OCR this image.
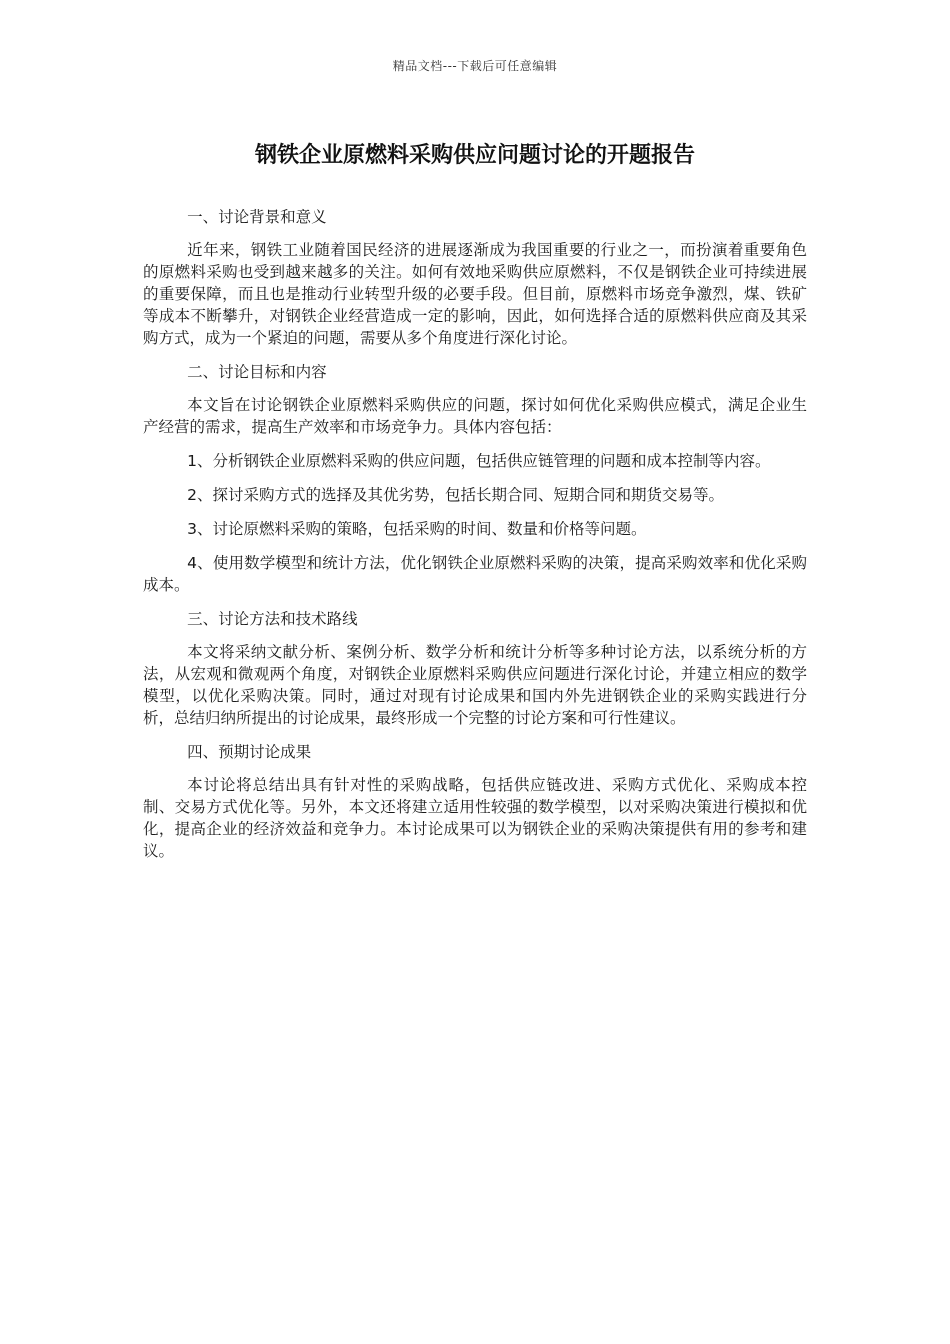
精品文档---下载后可任意编辑
钢铁企业原燃料采购供应问题讨论的开题报告

一、讨论背景和意义

近年来，钢铁工业随着国民经济的进展逐渐成为我国重要的行业之一，而扮演着重要角色的原燃料采购也受到越来越多的关注。如何有效地采购供应原燃料，不仅是钢铁企业可持续进展的重要保障，而且也是推动行业转型升级的必要手段。但目前，原燃料市场竞争激烈，煤、铁矿等成本不断攀升，对钢铁企业经营造成一定的影响，因此，如何选择合适的原燃料供应商及其采购方式，成为一个紧迫的问题，需要从多个角度进行深化讨论。

二、讨论目标和内容

本文旨在讨论钢铁企业原燃料采购供应的问题，探讨如何优化采购供应模式，满足企业生产经营的需求，提高生产效率和市场竞争力。具体内容包括：

1、分析钢铁企业原燃料采购的供应问题，包括供应链管理的问题和成本控制等内容。

2、探讨采购方式的选择及其优劣势，包括长期合同、短期合同和期货交易等。

3、讨论原燃料采购的策略，包括采购的时间、数量和价格等问题。

4、使用数学模型和统计方法，优化钢铁企业原燃料采购的决策，提高采购效率和优化采购成本。

三、讨论方法和技术路线

本文将采纳文献分析、案例分析、数学分析和统计分析等多种讨论方法，以系统分析的方法，从宏观和微观两个角度，对钢铁企业原燃料采购供应问题进行深化讨论，并建立相应的数学模型，以优化采购决策。同时，通过对现有讨论成果和国内外先进钢铁企业的采购实践进行分析，总结归纳所提出的讨论成果，最终形成一个完整的讨论方案和可行性建议。

四、预期讨论成果

本讨论将总结出具有针对性的采购战略，包括供应链改进、采购方式优化、采购成本控制、交易方式优化等。另外，本文还将建立适用性较强的数学模型，以对采购决策进行模拟和优化，提高企业的经济效益和竞争力。本讨论成果可以为钢铁企业的采购决策提供有用的参考和建议。
